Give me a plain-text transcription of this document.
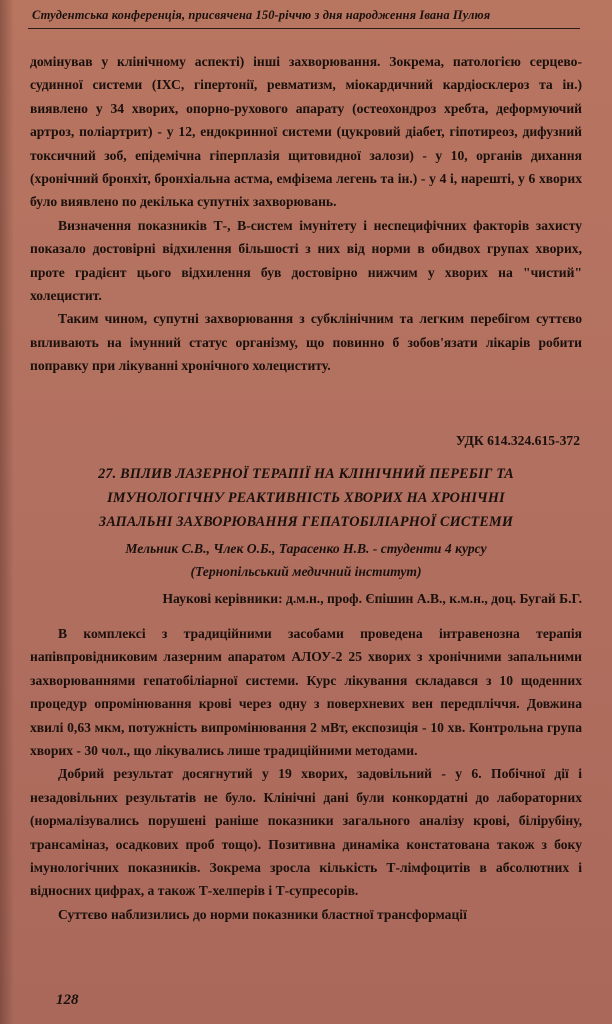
Студентська конференція, присвячена 150-річчю з дня народження Івана Пулюя

домінував у клінічному аспекті) інші захворювання. Зокрема, патологією серцево-судинної системи (ІХС, гіпертонії, ревматизм, міокардичний кардіосклероз та ін.) виявлено у 34 хворих, опорно-рухового апарату (остеохондроз хребта, деформуючий артроз, поліартрит) - у 12, ендокринної системи (цукровий діабет, гіпотиреоз, дифузний токсичний зоб, епідемічна гіперплазія щитовидної залози) - у 10, органів дихання (хронічний бронхіт, бронхіальна астма, емфізема легень та ін.) - у 4 і, нарешті, у 6 хворих було виявлено по декілька супутніх захворювань.

Визначення показників Т-, В-систем імунітету і неспецифічних факторів захисту показало достовірні відхилення більшості з них від норми в обидвох групах хворих, проте градієнт цього відхилення був достовірно нижчим у хворих на "чистий" холецистит.

Таким чином, супутні захворювання з субклінічним та легким перебігом суттєво впливають на імунний статус організму, що повинно б зобов'язати лікарів робити поправку при лікуванні хронічного холециститу.

УДК 614.324.615-372
27. ВПЛИВ ЛАЗЕРНОЇ ТЕРАПІЇ НА КЛІНІЧНИЙ ПЕРЕБІГ ТА
ІМУНОЛОГІЧНУ РЕАКТИВНІСТЬ ХВОРИХ НА ХРОНІЧНІ
ЗАПАЛЬНІ ЗАХВОРЮВАННЯ ГЕПАТОБІЛІАРНОЇ СИСТЕМИ
Мельник С.В., Члек О.Б., Тарасенко Н.В. - студенти 4 курсу
(Тернопільський медичний інститут)
Наукові керівники: д.м.н., проф. Єпішин А.В., к.м.н., доц. Бугай Б.Г.

В комплексі з традиційними засобами проведена інтравенозна терапія напівпровідниковим лазерним апаратом АЛОУ-2 25 хворих з хронічними запальними захворюваннями гепатобіліарної системи. Курс лікування складався з 10 щоденних процедур опромінювання крові через одну з поверхневих вен передпліччя. Довжина хвилі 0,63 мкм, потужність випромінювання 2 мВт, експозиція - 10 хв. Контрольна група хворих - 30 чол., що лікувались лише традиційними методами.

Добрий результат досягнутий у 19 хворих, задовільний - у 6. Побічної дії і незадовільних результатів не було. Клінічні дані були конкордатні до лабораторних (нормалізувались порушені раніше показники загального аналізу крові, білірубіну, трансаміназ, осадкових проб тощо). Позитивна динаміка констатована також з боку імунологічних показників. Зокрема зросла кількість Т-лімфоцитів в абсолютних і відносних цифрах, а також Т-хелперів і Т-супресорів.

Суттєво наблизились до норми показники бластної трансформації

128
